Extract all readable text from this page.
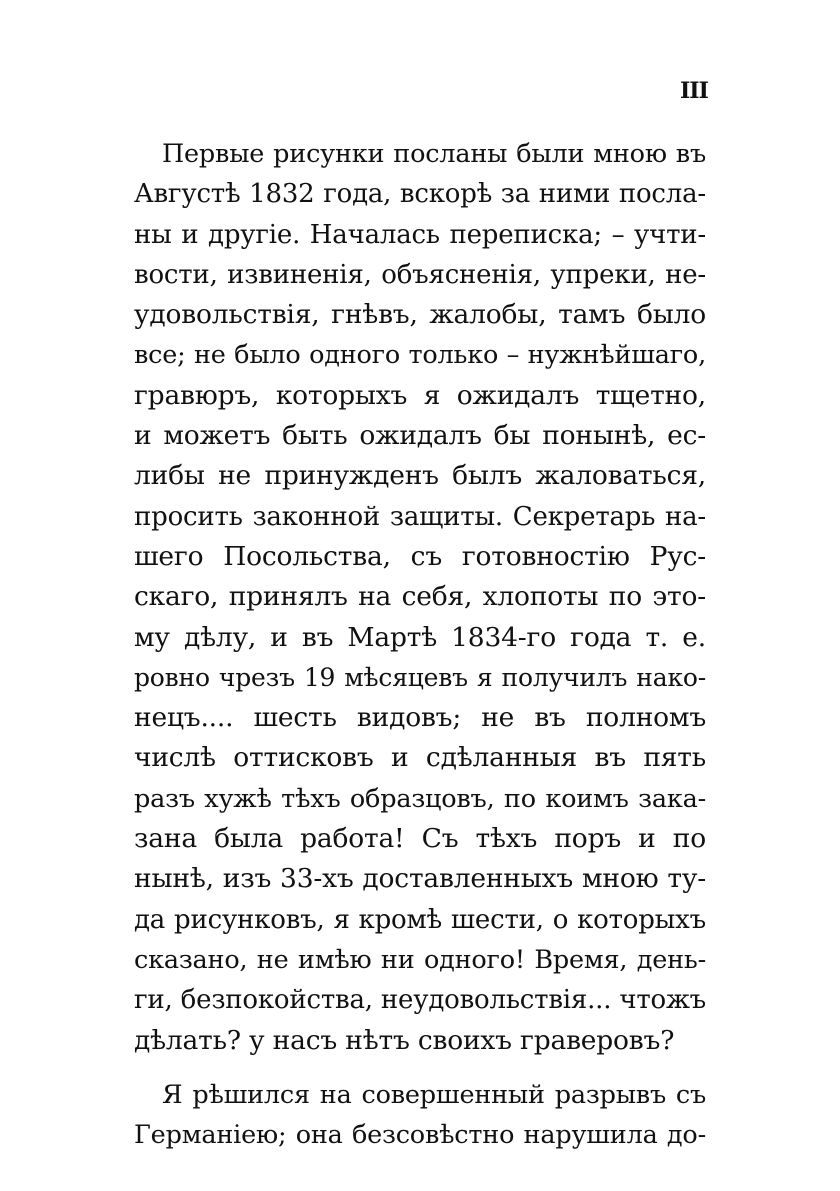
III
Первые рисунки посланы были мною въ
Августѣ 1832 года, вскорѣ за ними посла-
ны и другіе. Началась переписка; – учти-
вости, извиненія, объясненія, упреки, не-
удовольствія, гнѣвъ, жалобы, тамъ было
все; не было одного только – нужнѣйшаго,
гравюръ, которыхъ я ожидалъ тщетно,
и можетъ быть ожидалъ бы понынѣ, ес-
либы не принужденъ былъ жаловаться,
просить законной защиты. Секретарь на-
шего Посольства, съ готовностію Рус-
скаго, принялъ на себя, хлопоты по это-
му дѣлу, и въ Мартѣ 1834-го года т. е.
ровно чрезъ 19 мѣсяцевъ я получилъ нако-
нецъ.... шесть видовъ; не въ полномъ
числѣ оттисковъ и сдѣланныя въ пять
разъ хужѣ тѣхъ образцовъ, по коимъ зака-
зана была работа! Съ тѣхъ поръ и по
нынѣ, изъ 33-хъ доставленныхъ мною ту-
да рисунковъ, я кромѣ шести, о которыхъ
сказано, не имѣю ни одного! Время, день-
ги, безпокойства, неудовольствія... чтожъ
дѣлать? у насъ нѣтъ своихъ граверовъ?
Я рѣшился на совершенный разрывъ съ
Германіею; она безсовѣстно нарушила до-
